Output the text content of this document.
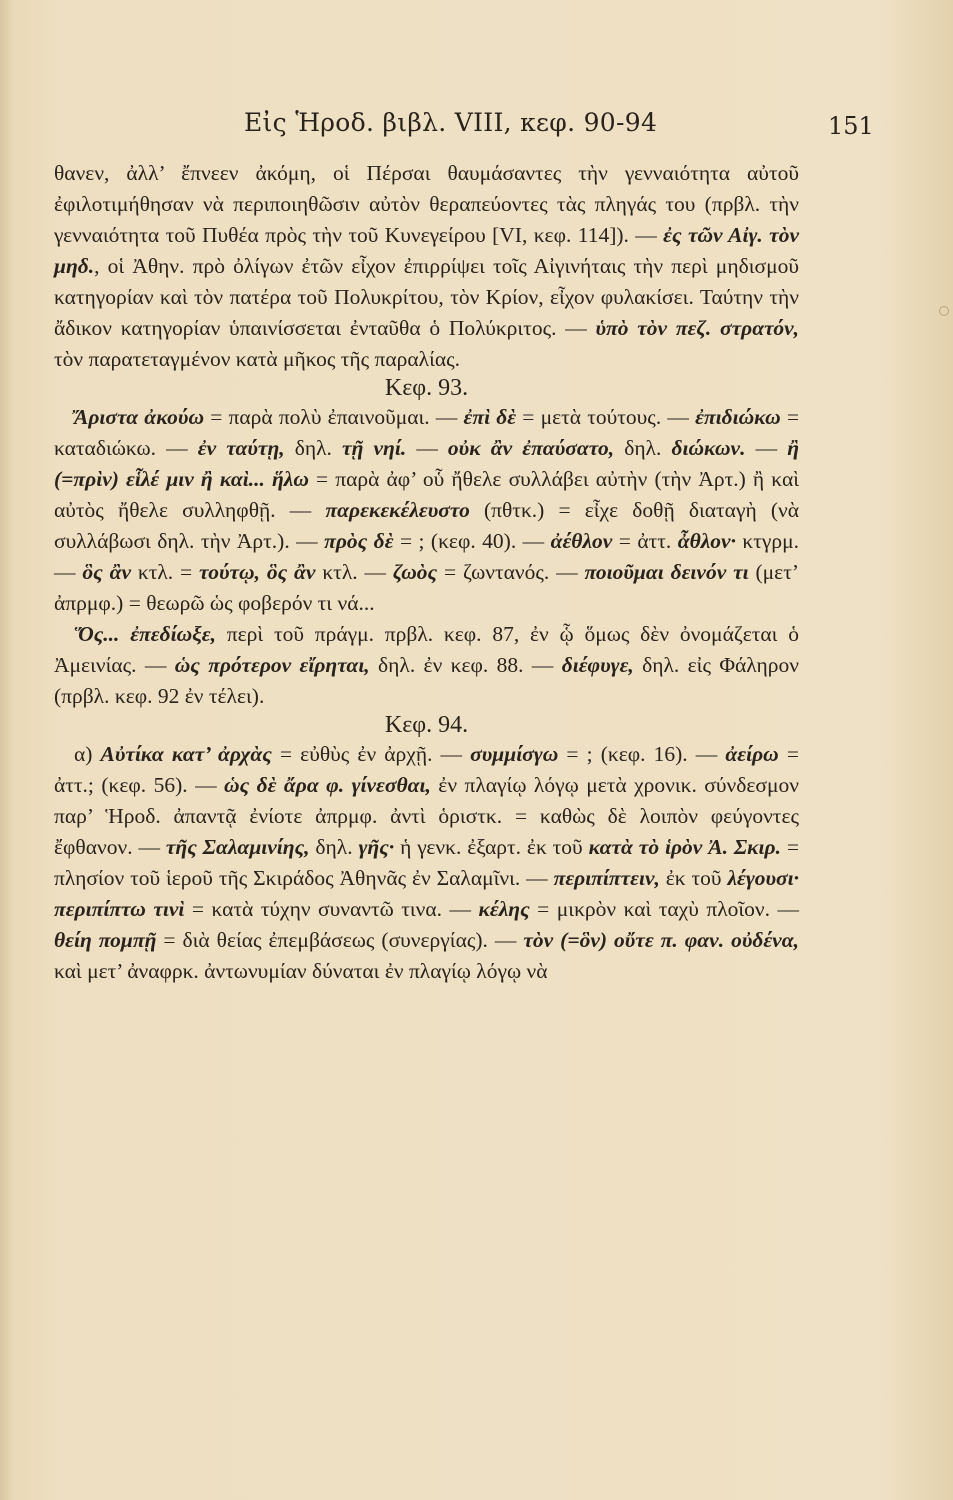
Εἰς Ἡροδ. βιβλ. VIII, κεφ. 90-94	151

θανεν, ἀλλ’ ἔπνεεν ἀκόμη, οἱ Πέρσαι θαυμάσαντες τὴν γενναιότητα αὐτοῦ ἐφιλοτιμήθησαν νὰ περιποιηθῶσιν αὐτὸν θεραπεύοντες τὰς πληγάς του (πρβλ. τὴν γενναιότητα τοῦ Πυθέα πρὸς τὴν τοῦ Κυνεγείρου [VI, κεφ. 114]). — ἐς τῶν Αἰγ. τὸν μηδ., οἱ Ἀθην. πρὸ ὀλίγων ἐτῶν εἶχον ἐπιρρίψει τοῖς Αἰγινήταις τὴν περὶ μηδισμοῦ κατηγορίαν καὶ τὸν πατέρα τοῦ Πολυκρίτου, τὸν Κρίον, εἶχον φυλακίσει. Ταύτην τὴν ἄδικον κατηγορίαν ὑπαινίσσεται ἐνταῦθα ὁ Πολύκριτος. — ὑπὸ τὸν πεζ. στρατόν, τὸν παρατεταγμένον κατὰ μῆκος τῆς παραλίας.

Κεφ. 93.

Ἄριστα ἀκούω = παρὰ πολὺ ἐπαινοῦμαι. — ἐπὶ δὲ = μετὰ τούτους. — ἐπιδιώκω = καταδιώκω. — ἐν ταύτῃ, δηλ. τῇ νηί. — οὐκ ἂν ἐπαύσατο, δηλ. διώκων. — ἢ (=πρὶν) εἷλέ μιν ἢ καὶ... ἥλω = παρὰ ἀφ’ οὗ ἤθελε συλλάβει αὐτὴν (τὴν Ἀρτ.) ἢ καὶ αὐτὸς ἤθελε συλληφθῇ. — παρεκεκέλευστο (πθτκ.) = εἶχε δοθῇ διαταγὴ (νὰ συλλάβωσι δηλ. τὴν Ἀρτ.). — πρὸς δὲ = ; (κεφ. 40). — ἀέθλον = ἀττ. ἆθλον· κτγρμ. — ὃς ἂν κτλ. = τούτῳ, ὃς ἂν κτλ. — ζωὸς = ζωντανός. — ποιοῦμαι δεινόν τι (μετ’ ἀπρμφ.) = θεωρῶ ὡς φοβερόν τι νά...

Ὅς... ἐπεδίωξε, περὶ τοῦ πράγμ. πρβλ. κεφ. 87, ἐν ᾧ ὅμως δὲν ὀνομάζεται ὁ Ἀμεινίας. — ὡς πρότερον εἴρηται, δηλ. ἐν κεφ. 88. — διέφυγε, δηλ. εἰς Φάληρον (πρβλ. κεφ. 92 ἐν τέλει).

Κεφ. 94.

α) Αὐτίκα κατ’ ἀρχὰς = εὐθὺς ἐν ἀρχῇ. — συμμίσγω = ; (κεφ. 16). — ἀείρω = ἀττ.; (κεφ. 56). — ὡς δὲ ἄρα φ. γίνεσθαι, ἐν πλαγίῳ λόγῳ μετὰ χρονικ. σύνδεσμον παρ’ Ἡροδ. ἀπαντᾷ ἐνίοτε ἀπρμφ. ἀντὶ ὁριστκ. = καθὼς δὲ λοιπὸν φεύγοντες ἔφθανον. — τῆς Σαλαμινίης, δηλ. γῆς· ἡ γενκ. ἐξαρτ. ἐκ τοῦ κατὰ τὸ ἱρὸν Ἀ. Σκιρ. = πλησίον τοῦ ἱεροῦ τῆς Σκιράδος Ἀθηνᾶς ἐν Σαλαμῖνι. — περιπίπτειν, ἐκ τοῦ λέγουσι· περιπίπτω τινὶ = κατὰ τύχην συναντῶ τινα. — κέλης = μικρὸν καὶ ταχὺ πλοῖον. — θείη πομπῇ = διὰ θείας ἐπεμβάσεως (συνεργίας). — τὸν (=ὃν) οὔτε π. φαν. οὐδένα, καὶ μετ’ ἀναφρκ. ἀντωνυμίαν δύναται ἐν πλαγίῳ λόγῳ νὰ
